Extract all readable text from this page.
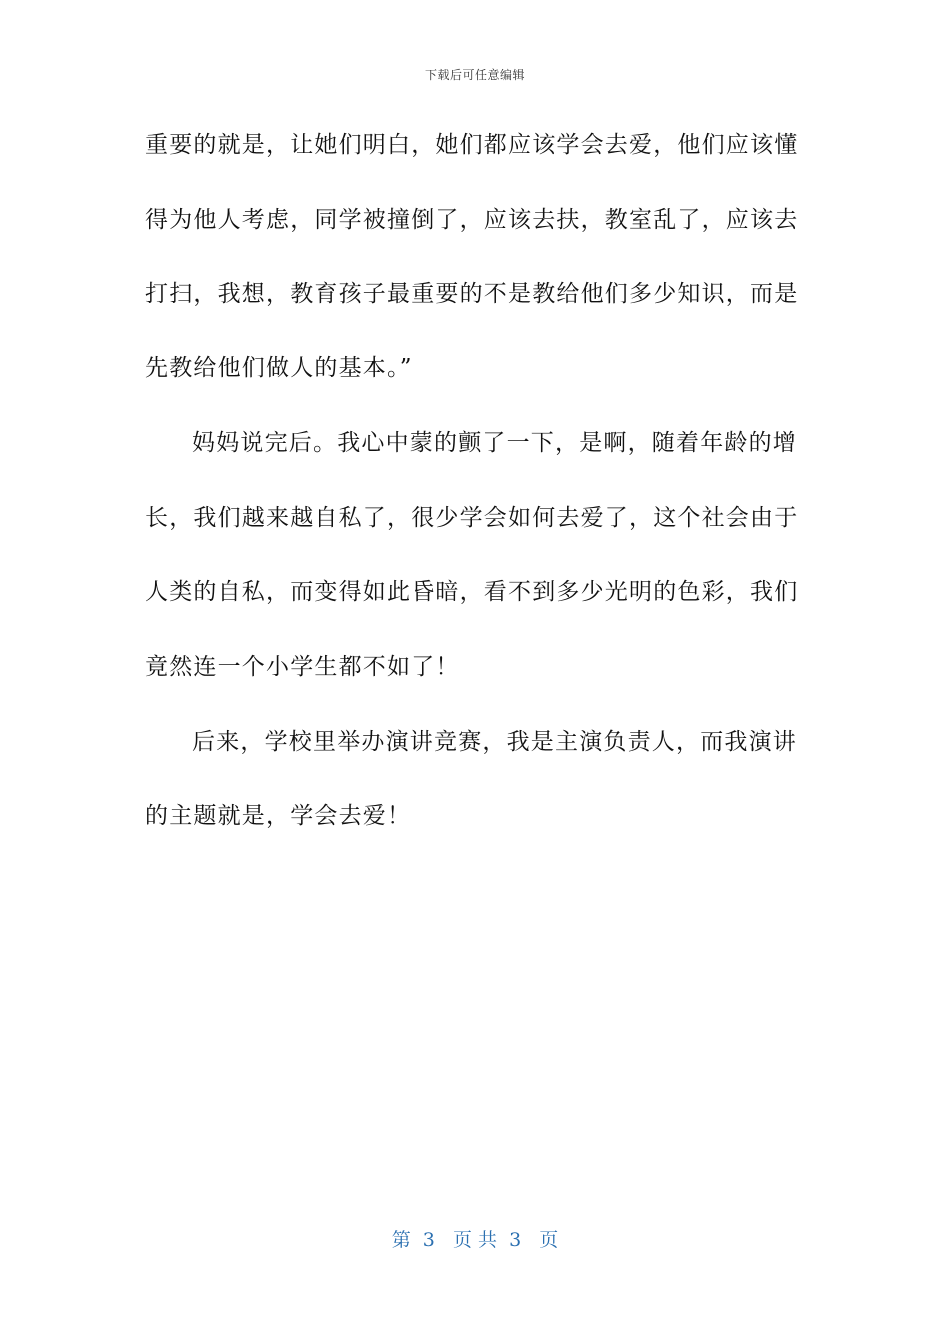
下载后可任意编辑
重要的就是，让她们明白，她们都应该学会去爱，他们应该懂
得为他人考虑，同学被撞倒了，应该去扶，教室乱了，应该去
打扫，我想，教育孩子最重要的不是教给他们多少知识，而是
先教给他们做人的基本。”
妈妈说完后。我心中蒙的颤了一下，是啊，随着年龄的增
长，我们越来越自私了，很少学会如何去爱了，这个社会由于
人类的自私，而变得如此昏暗，看不到多少光明的色彩，我们
竟然连一个小学生都不如了！
后来，学校里举办演讲竞赛，我是主演负责人，而我演讲
的主题就是，学会去爱！
第  3   页 共  3   页
